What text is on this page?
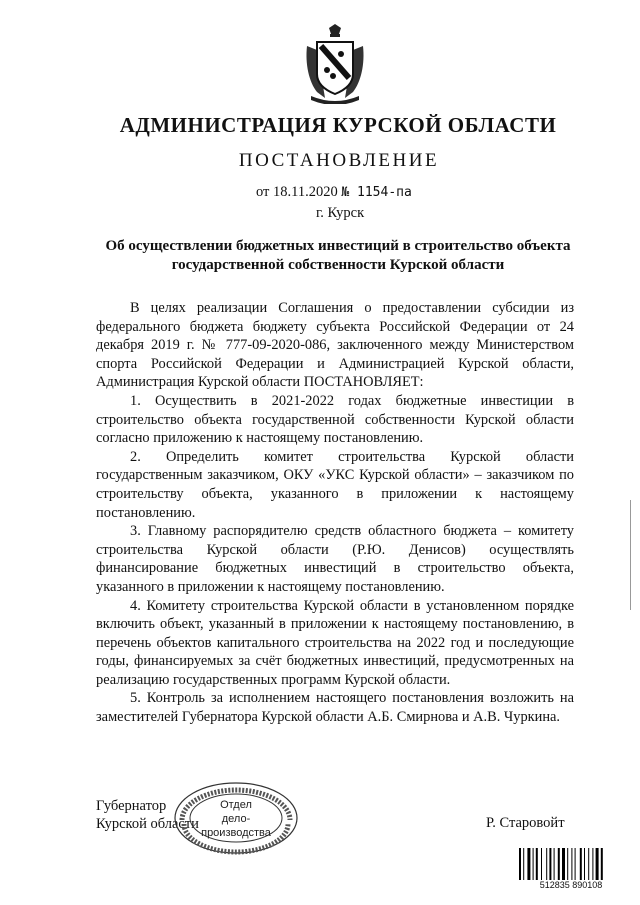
АДМИНИСТРАЦИЯ КУРСКОЙ ОБЛАСТИ
ПОСТАНОВЛЕНИЕ
от 18.11.2020 № 1154-па
г. Курск
Об осуществлении бюджетных инвестиций в строительство объекта государственной собственности Курской области

В целях реализации Соглашения о предоставлении субсидии из федерального бюджета бюджету субъекта Российской Федерации от 24 декабря 2019 г. № 777-09-2020-086, заключенного между Министерством спорта Российской Федерации и Администрацией Курской области, Администрация Курской области ПОСТАНОВЛЯЕТ:

1. Осуществить в 2021-2022 годах бюджетные инвестиции в строительство объекта государственной собственности Курской области согласно приложению к настоящему постановлению.

2. Определить комитет строительства Курской области государственным заказчиком, ОКУ «УКС Курской области» – заказчиком по строительству объекта, указанного в приложении к настоящему постановлению.

3. Главному распорядителю средств областного бюджета – комитету строительства Курской области (Р.Ю. Денисов) осуществлять финансирование бюджетных инвестиций в строительство объекта, указанного в приложении к настоящему постановлению.

4. Комитету строительства Курской области в установленном порядке включить объект, указанный в приложении к настоящему постановлению, в перечень объектов капитального строительства на 2022 год и последующие годы, финансируемых за счёт бюджетных инвестиций, предусмотренных на реализацию государственных программ Курской области.

5. Контроль за исполнением настоящего постановления возложить на заместителей Губернатора Курской области А.Б. Смирнова и А.В. Чуркина.

Губернатор
Курской области
Отдел
дело-
производства
Р. Старовойт
512835 890108
